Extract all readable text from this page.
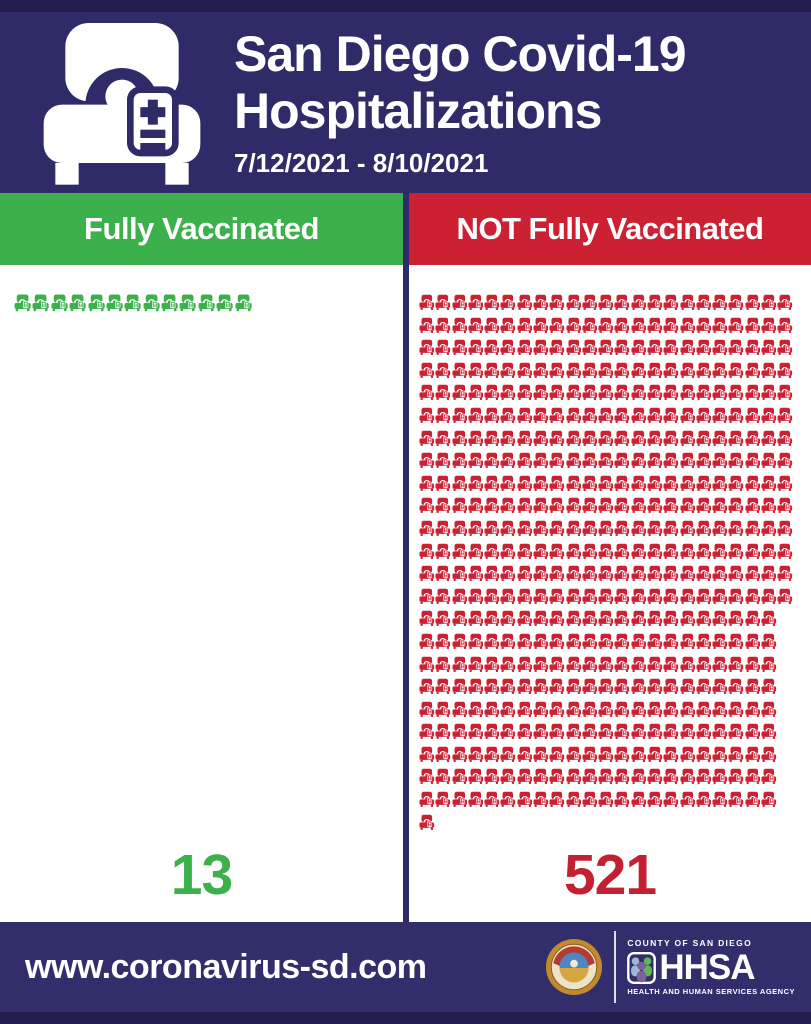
San Diego Covid-19
Hospitalizations
7/12/2021 - 8/10/2021
Fully Vaccinated
13
NOT Fully Vaccinated
521
www.coronavirus-sd.com
COUNTY OF SAN DIEGO
HHSA
HEALTH AND HUMAN SERVICES AGENCY
